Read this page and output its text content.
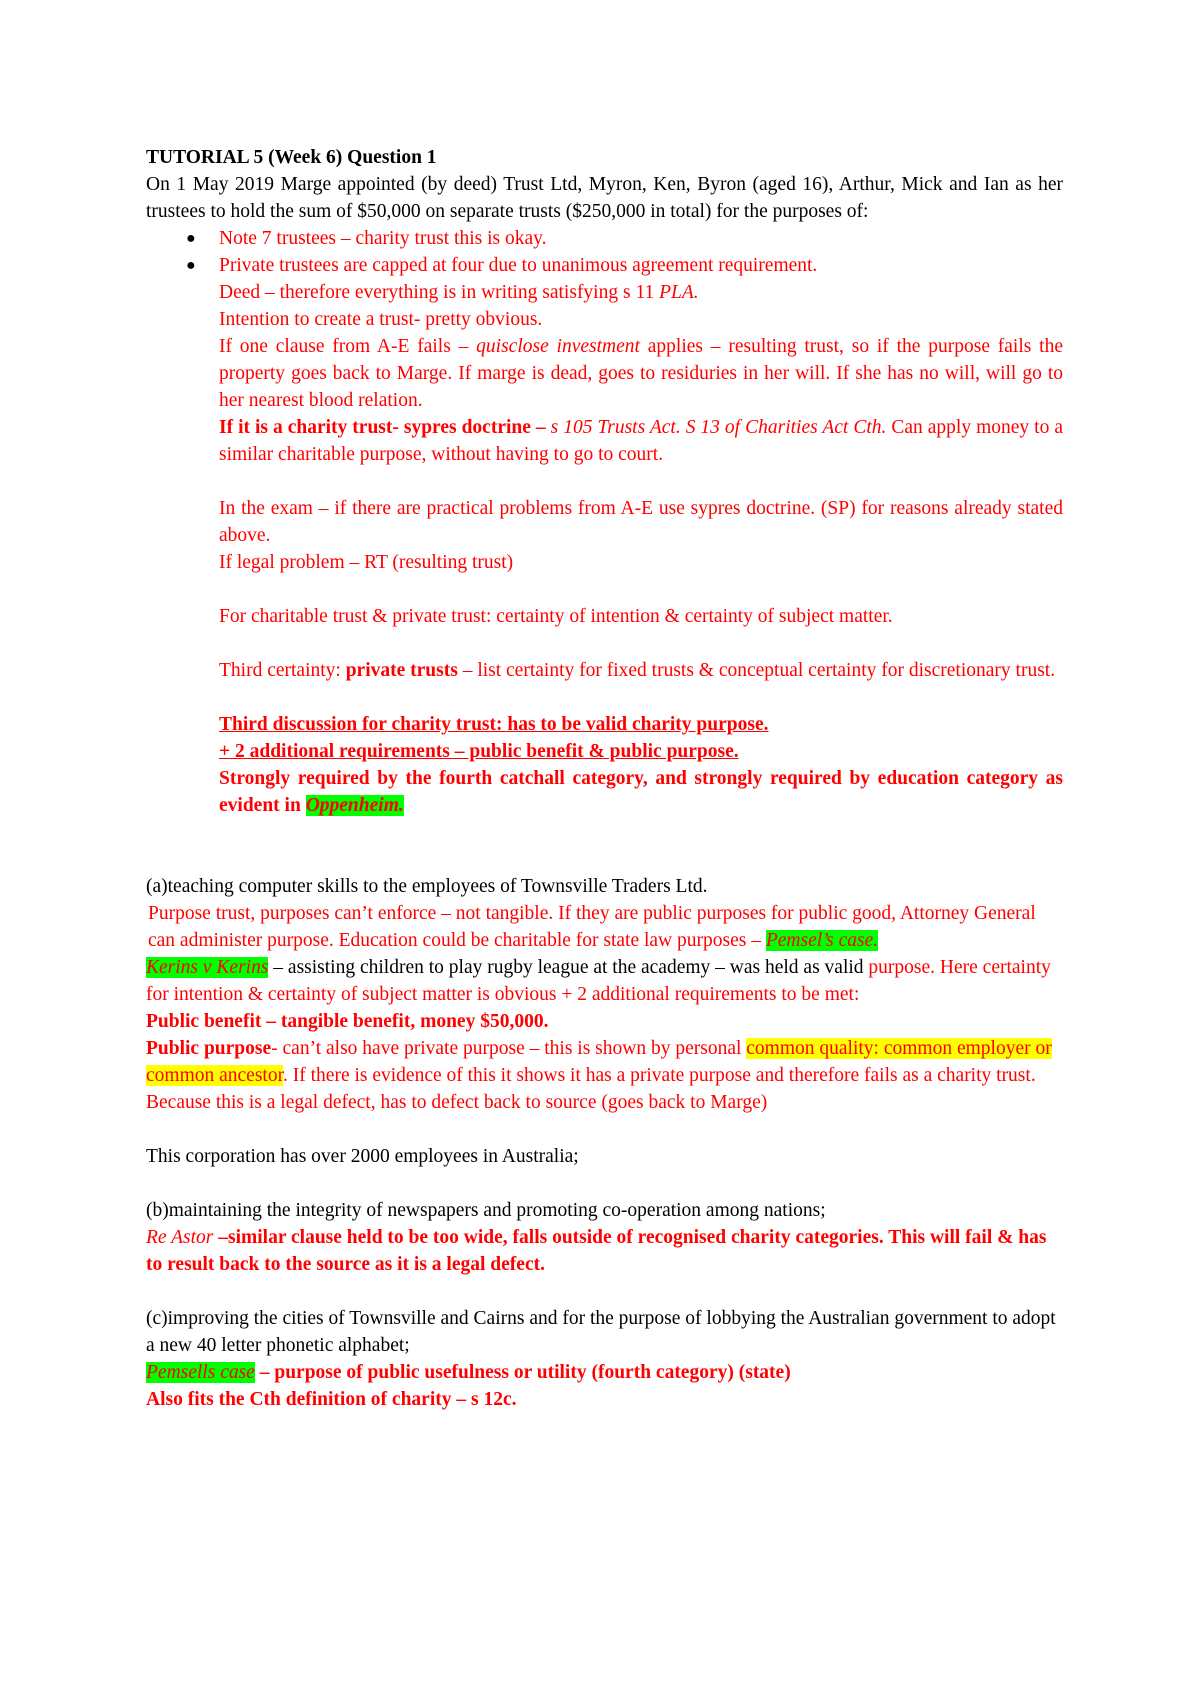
TUTORIAL 5 (Week 6) Question 1

On 1 May 2019 Marge appointed (by deed) Trust Ltd, Myron, Ken, Byron (aged 16), Arthur, Mick and Ian as her trustees to hold the sum of $50,000 on separate trusts ($250,000 in total) for the purposes of:

● Note 7 trustees – charity trust this is okay.
● Private trustees are capped at four due to unanimous agreement requirement.

Deed – therefore everything is in writing satisfying s 11 PLA.

Intention to create a trust- pretty obvious.

If one clause from A-E fails – quisclose investment applies – resulting trust, so if the purpose fails the property goes back to Marge. If marge is dead, goes to residuries in her will. If she has no will, will go to her nearest blood relation.

If it is a charity trust- sypres doctrine – s 105 Trusts Act. S 13 of Charities Act Cth. Can apply money to a similar charitable purpose, without having to go to court.

In the exam – if there are practical problems from A-E use sypres doctrine. (SP) for reasons already stated above.

If legal problem – RT (resulting trust)

For charitable trust & private trust: certainty of intention & certainty of subject matter.

Third certainty: private trusts – list certainty for fixed trusts & conceptual certainty for discretionary trust.

Third discussion for charity trust: has to be valid charity purpose.

+ 2 additional requirements – public benefit & public purpose.

Strongly required by the fourth catchall category, and strongly required by education category as evident in Oppenheim.

(a)teaching computer skills to the employees of Townsville Traders Ltd.

Purpose trust, purposes can’t enforce – not tangible. If they are public purposes for public good, Attorney General can administer purpose. Education could be charitable for state law purposes – Pemsel’s case.

Kerins v Kerins – assisting children to play rugby league at the academy – was held as valid purpose. Here certainty for intention & certainty of subject matter is obvious + 2 additional requirements to be met:

Public benefit – tangible benefit, money $50,000.

Public purpose- can’t also have private purpose – this is shown by personal common quality: common employer or common ancestor. If there is evidence of this it shows it has a private purpose and therefore fails as a charity trust. Because this is a legal defect, has to defect back to source (goes back to Marge)

This corporation has over 2000 employees in Australia;

(b)maintaining the integrity of newspapers and promoting co-operation among nations;

Re Astor –similar clause held to be too wide, falls outside of recognised charity categories. This will fail & has to result back to the source as it is a legal defect.

(c)improving the cities of Townsville and Cairns and for the purpose of lobbying the Australian government to adopt a new 40 letter phonetic alphabet;

Pemsells case – purpose of public usefulness or utility (fourth category) (state)

Also fits the Cth definition of charity – s 12c.
